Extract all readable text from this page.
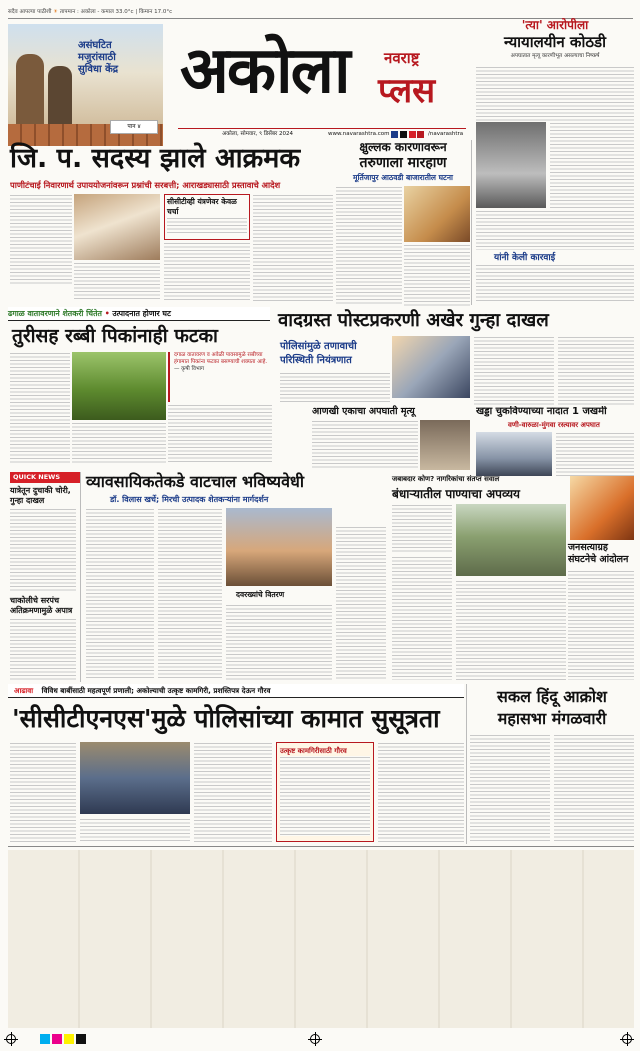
सदैव आपल्या पाठीशी ☀ तापमान : अकोला - कमाल 33.0°c | किमान 17.0°c
असंघटित
मजुरांसाठी
सुविधा केंद्र अकोला नवराष्ट्र
प्लस
पान ४
अकोला, सोमवार, ९ डिसेंबर 2024	www.navarashtra.com
	/navarashtra
'त्या' आरोपीला
न्यायालयीन कोठडी
अपघातात मृत्यू कारणीभूत असल्याचा निष्कर्ष
यांनी केली कारवाई
जि. प. सदस्य झाले आक्रमक
पाणीटंचाई निवारणार्थ उपाययोजनांवरून प्रश्नांची सरबत्ती; आराखड्यासाठी प्रस्तावाचे आदेश
सीसीटीव्ही यंत्रणेवर केवळ चर्चा
क्षुल्लक कारणावरून
तरुणाला मारहाण
मूर्तिजापुर आठवडी बाजारातील घटना
ढगाळ वातावरणाने शेतकरी चिंतेत • उत्पादनात होणार घट
तुरीसह रब्बी पिकांनाही फटका
दगाळ वातावरण व अवेळी पावसामुळे रब्बीच्या हंगामात पिकांना फटका बसण्याची शक्यता आहे.
— कृषी विभाग
वादग्रस्त पोस्टप्रकरणी अखेर गुन्हा दाखल
पोलिसांमुळे तणावाची परिस्थिती नियंत्रणात
आणखी एकाचा अपघाती मृत्यू	खड्डा चुकविण्याच्या नादात 1 जखमी
वणी-वारुळा-मुंगवा रस्त्यावर अपघात
QUICK NEWS
यात्रेतून दुचाकी चोरी, गुन्हा दाखल
चाकोलीचे सरपंच अतिक्रमणामुळे अपात्र
व्यावसायिकतेकडे वाटचाल भविष्यवेधी
डॉ. विलास खर्चे; मिरची उत्पादक शेतकऱ्यांना मार्गदर्शन
दवरख्यांचे वितरण
जबाबदार कोण? नागरिकांचा संतप्त सवाल
बंधाऱ्यातील पाण्याचा अपव्यय
जनसत्याग्रह
संघटनेचे आंदोलन
आढावा विविध बाबींसाठी महत्वपूर्ण प्रणाली; अकोल्याची उत्कृष्ट कामगिरी, प्रशस्तिपत्र देऊन गौरव
'सीसीटीएनएस'मुळे पोलिसांच्या कामात सुसूत्रता
उत्कृष्ट कामगिरीसाठी गौरव
सकल हिंदू आक्रोश
महासभा मंगळवारी
